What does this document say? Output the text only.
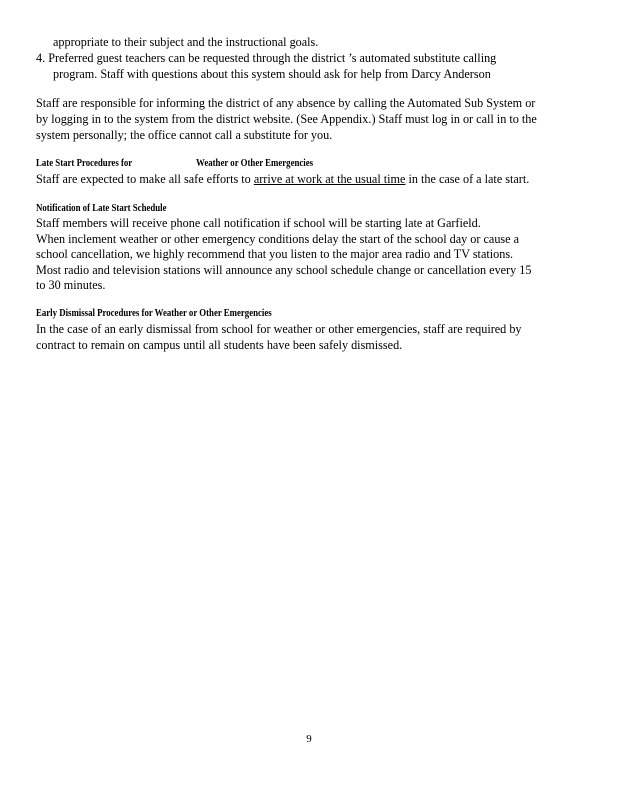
appropriate to their subject and the instructional goals.
4. Preferred guest teachers can be requested through the district ’s automated substitute calling
program. Staff with questions about this system should ask for help from Darcy Anderson
Staff are responsible for informing the district of any absence by calling the Automated Sub System or
by logging in to the system from the district website. (See Appendix.) Staff must log in or call in to the
system personally; the office cannot call a substitute for you.
Late Start Procedures for	Weather or Other Emergencies
Staff are expected to make all safe efforts to arrive at work at the usual time in the case of a late start.
Notification of Late Start Schedule
Staff members will receive phone call notification if school will be starting late at Garfield.
When inclement weather or other emergency conditions delay the start of the school day or cause a
school cancellation, we highly recommend that you listen to the major area radio and TV stations.
Most radio and television stations will announce any school schedule change or cancellation every 15
to 30 minutes.
Early Dismissal Procedures for Weather or Other Emergencies
In the case of an early dismissal from school for weather or other emergencies, staff are required by
contract to remain on campus until all students have been safely dismissed.
9
